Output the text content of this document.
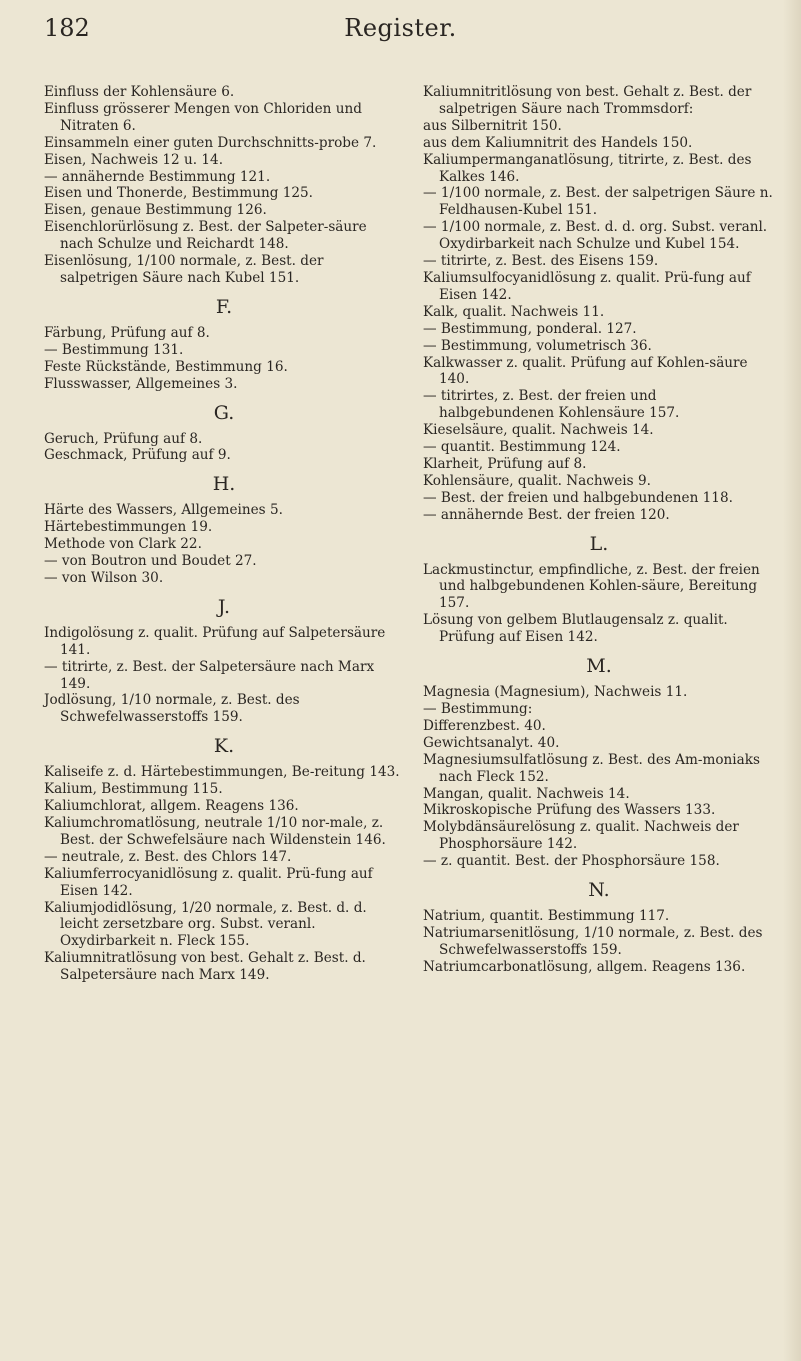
182	Register.
Einfluss der Kohlensäure 6.
Einfluss grösserer Mengen von Chloriden und Nitraten 6.
Einsammeln einer guten Durchschnitts-probe 7.
Eisen, Nachweis 12 u. 14.
— annähernde Bestimmung 121.
Eisen und Thonerde, Bestimmung 125.
Eisen, genaue Bestimmung 126.
Eisenchlorürlösung z. Best. der Salpeter-säure nach Schulze und Reichardt 148.
Eisenlösung, 1/100 normale, z. Best. der salpetrigen Säure nach Kubel 151.
F.
Färbung, Prüfung auf 8.
— Bestimmung 131.
Feste Rückstände, Bestimmung 16.
Flusswasser, Allgemeines 3.
G.
Geruch, Prüfung auf 8.
Geschmack, Prüfung auf 9.
H.
Härte des Wassers, Allgemeines 5.
Härtebestimmungen 19.
Methode von Clark 22.
— von Boutron und Boudet 27.
— von Wilson 30.
J.
Indigolösung z. qualit. Prüfung auf Salpetersäure 141.
— titrirte, z. Best. der Salpetersäure nach Marx 149.
Jodlösung, 1/10 normale, z. Best. des Schwefelwasserstoffs 159.
K.
Kaliseife z. d. Härtebestimmungen, Be-reitung 143.
Kalium, Bestimmung 115.
Kaliumchlorat, allgem. Reagens 136.
Kaliumchromatlösung, neutrale 1/10 nor-male, z. Best. der Schwefelsäure nach Wildenstein 146.
— neutrale, z. Best. des Chlors 147.
Kaliumferrocyanidlösung z. qualit. Prü-fung auf Eisen 142.
Kaliumjodidlösung, 1/20 normale, z. Best. d. d. leicht zersetzbare org. Subst. veranl. Oxydirbarkeit n. Fleck 155.
Kaliumnitratlösung von best. Gehalt z. Best. d. Salpetersäure nach Marx 149.
Kaliumnitritlösung von best. Gehalt z. Best. der salpetrigen Säure nach Trommsdorf:
aus Silbernitrit 150.
aus dem Kaliumnitrit des Handels 150.
Kaliumpermanganatlösung, titrirte, z. Best. des Kalkes 146.
— 1/100 normale, z. Best. der salpetrigen Säure n. Feldhausen-Kubel 151.
— 1/100 normale, z. Best. d. d. org. Subst. veranl. Oxydirbarkeit nach Schulze und Kubel 154.
— titrirte, z. Best. des Eisens 159.
Kaliumsulfocyanidlösung z. qualit. Prü-fung auf Eisen 142.
Kalk, qualit. Nachweis 11.
— Bestimmung, ponderal. 127.
— Bestimmung, volumetrisch 36.
Kalkwasser z. qualit. Prüfung auf Kohlen-säure 140.
— titrirtes, z. Best. der freien und halbgebundenen Kohlensäure 157.
Kieselsäure, qualit. Nachweis 14.
— quantit. Bestimmung 124.
Klarheit, Prüfung auf 8.
Kohlensäure, qualit. Nachweis 9.
— Best. der freien und halbgebundenen 118.
— annähernde Best. der freien 120.
L.
Lackmustinctur, empfindliche, z. Best. der freien und halbgebundenen Kohlen-säure, Bereitung 157.
Lösung von gelbem Blutlaugensalz z. qualit. Prüfung auf Eisen 142.
M.
Magnesia (Magnesium), Nachweis 11.
— Bestimmung:
Differenzbest. 40.
Gewichtsanalyt. 40.
Magnesiumsulfatlösung z. Best. des Am-moniaks nach Fleck 152.
Mangan, qualit. Nachweis 14.
Mikroskopische Prüfung des Wassers 133.
Molybdänsäurelösung z. qualit. Nachweis der Phosphorsäure 142.
— z. quantit. Best. der Phosphorsäure 158.
N.
Natrium, quantit. Bestimmung 117.
Natriumarsenitlösung, 1/10 normale, z. Best. des Schwefelwasserstoffs 159.
Natriumcarbonatlösung, allgem. Reagens 136.
